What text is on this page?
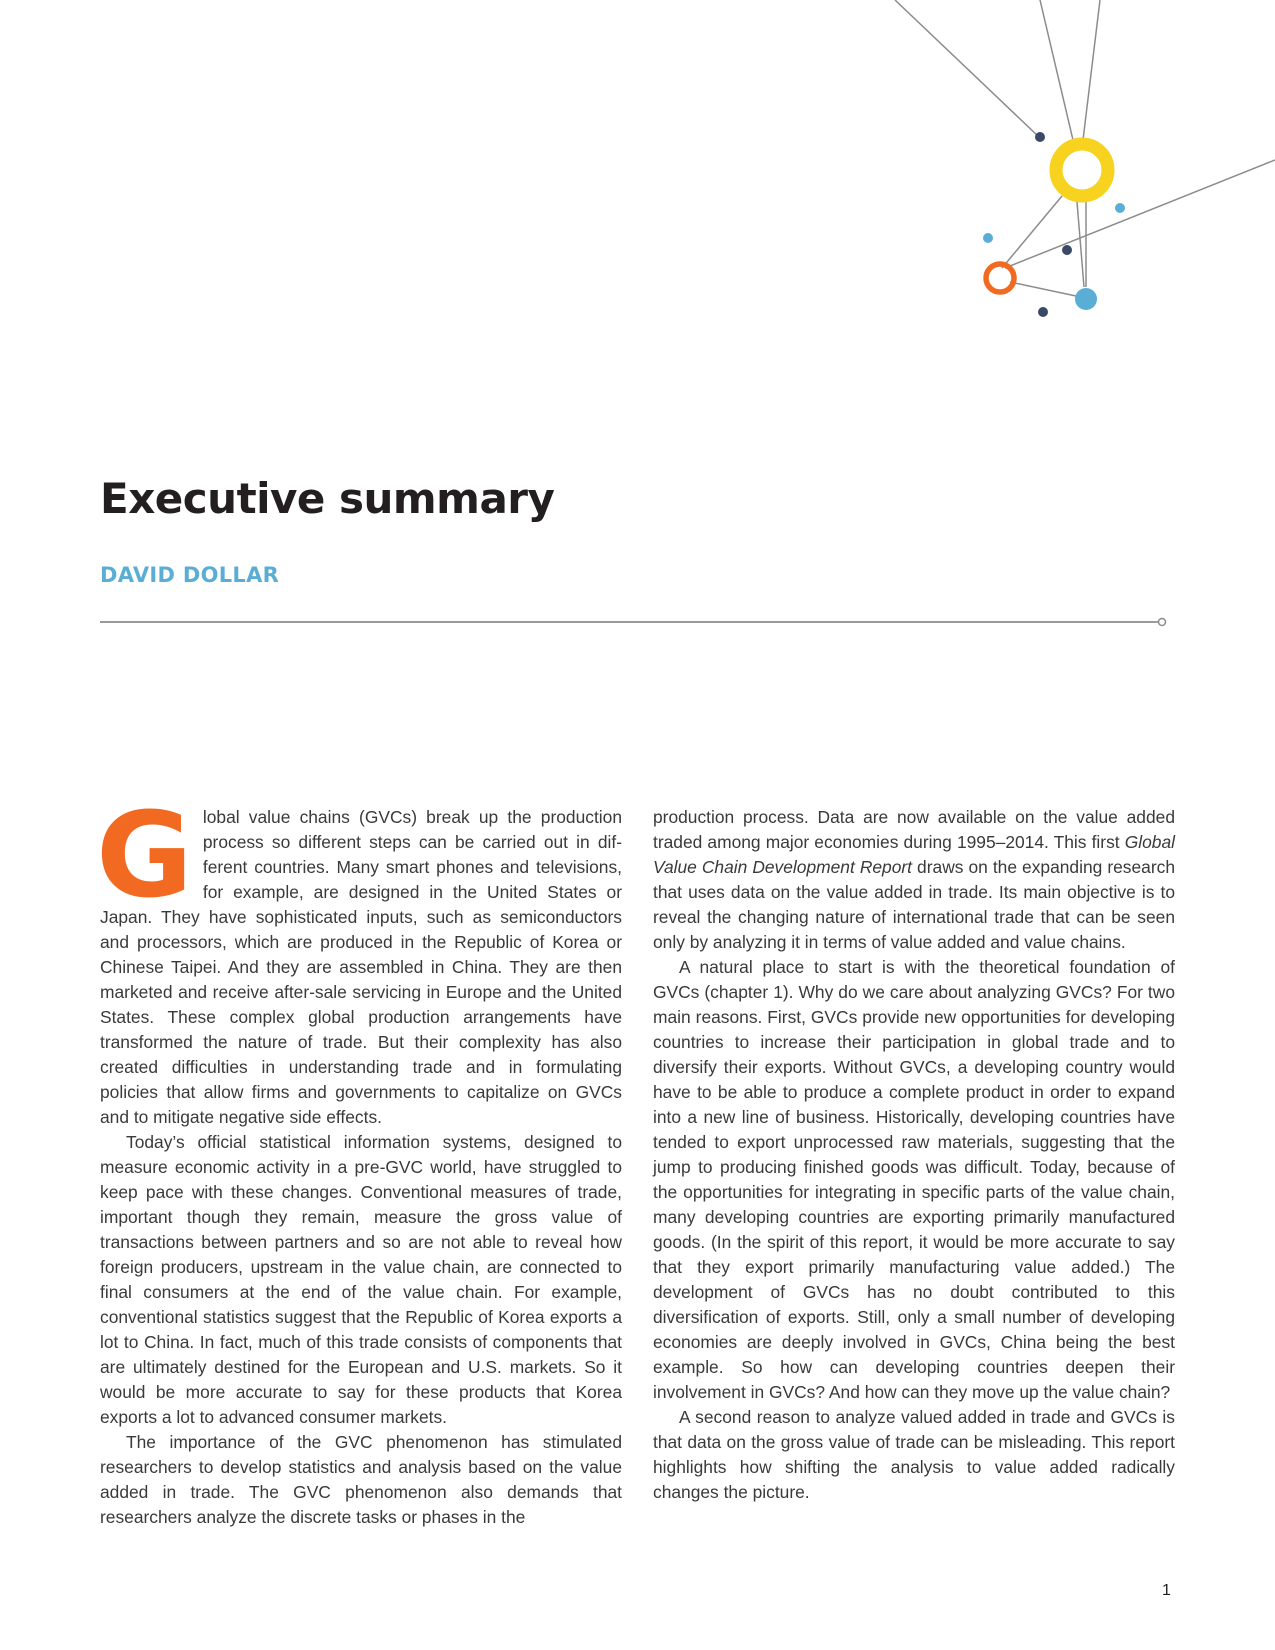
Executive summary
DAVID DOLLAR

Global value chains (GVCs) break up the production process so different steps can be carried out in different countries. Many smart phones and televisions, for example, are designed in the United States or Japan. They have sophisticated inputs, such as semiconductors and processors, which are produced in the Republic of Korea or Chinese Taipei. And they are assembled in China. They are then marketed and receive after-sale servicing in Europe and the United States. These complex global production arrangements have transformed the nature of trade. But their complexity has also created difficulties in understanding trade and in formulating policies that allow firms and governments to capitalize on GVCs and to mitigate negative side effects.

Today’s official statistical information systems, designed to measure economic activity in a pre-GVC world, have struggled to keep pace with these changes. Conventional measures of trade, important though they remain, measure the gross value of transactions between partners and so are not able to reveal how foreign producers, upstream in the value chain, are connected to final consumers at the end of the value chain. For example, conventional statistics suggest that the Republic of Korea exports a lot to China. In fact, much of this trade consists of components that are ultimately destined for the European and U.S. markets. So it would be more accurate to say for these products that Korea exports a lot to advanced consumer markets.

The importance of the GVC phenomenon has stimulated researchers to develop statistics and analysis based on the value added in trade. The GVC phenomenon also demands that researchers analyze the discrete tasks or phases in the

production process. Data are now available on the value added traded among major economies during 1995–2014. This first Global Value Chain Development Report draws on the expanding research that uses data on the value added in trade. Its main objective is to reveal the changing nature of international trade that can be seen only by analyzing it in terms of value added and value chains.

A natural place to start is with the theoretical foundation of GVCs (chapter 1). Why do we care about analyzing GVCs? For two main reasons. First, GVCs provide new opportunities for developing countries to increase their participation in global trade and to diversify their exports. Without GVCs, a developing country would have to be able to produce a complete product in order to expand into a new line of business. Historically, developing countries have tended to export unprocessed raw materials, suggesting that the jump to producing finished goods was difficult. Today, because of the opportunities for integrating in specific parts of the value chain, many developing countries are exporting primarily manufactured goods. (In the spirit of this report, it would be more accurate to say that they export primarily manufacturing value added.) The development of GVCs has no doubt contributed to this diversification of exports. Still, only a small number of developing economies are deeply involved in GVCs, China being the best example. So how can developing countries deepen their involvement in GVCs? And how can they move up the value chain?

A second reason to analyze valued added in trade and GVCs is that data on the gross value of trade can be misleading. This report highlights how shifting the analysis to value added radically changes the picture.

1
